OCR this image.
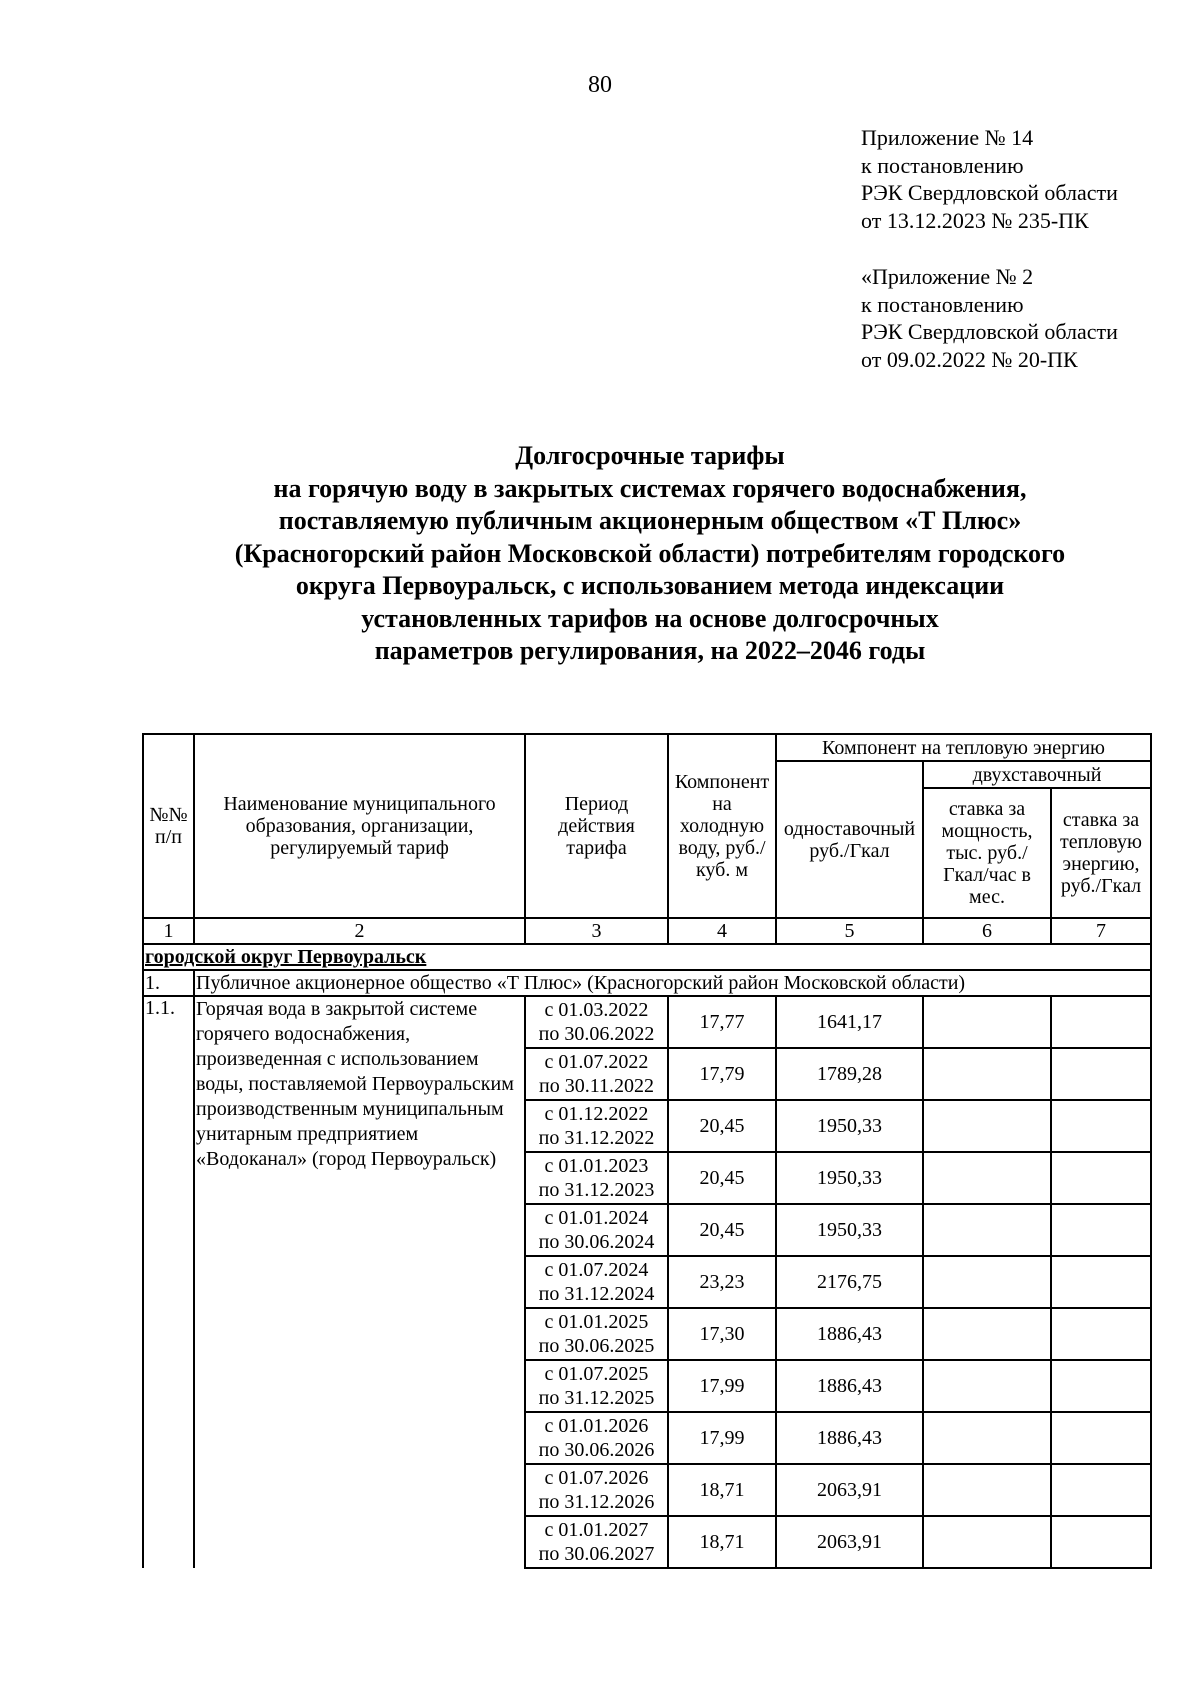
80
Приложение № 14
к постановлению
РЭК Свердловской области
от 13.12.2023 № 235-ПК
«Приложение № 2
к постановлению
РЭК Свердловской области
от 09.02.2022 № 20-ПК
Долгосрочные тарифы
на горячую воду в закрытых системах горячего водоснабжения,
поставляемую публичным акционерным обществом «Т Плюс»
(Красногорский район Московской области) потребителям городского
округа Первоуральск, с использованием метода индексации
установленных тарифов на основе долгосрочных
параметров регулирования, на 2022–2046 годы
№№ п/п	Наименование муниципального образования, организации, регулируемый тариф	Период действия тарифа	Компонент на холодную воду, руб./куб. м	Компонент на тепловую энергию		
				одноставочный руб./Гкал	двухставочный	
					ставка за мощность, тыс. руб./Гкал/час в мес.	ставка за тепловую энергию, руб./Гкал
1	2	3	4	5	6	7
городской округ Первоуральск						
1.	Публичное акционерное общество «Т Плюс» (Красногорский район Московской области)					
1.1.	Горячая вода в закрытой системе горячего водоснабжения, произведенная с использованием воды, поставляемой Первоуральским производственным муниципальным унитарным предприятием «Водоканал» (город Первоуральск)	с 01.03.2022
по 30.06.2022	17,77	1641,17		

		с 01.07.2022
по 30.11.2022	17,79	1789,28		

		с 01.12.2022
по 31.12.2022	20,45	1950,33		

		с 01.01.2023
по 31.12.2023	20,45	1950,33		

		с 01.01.2024
по 30.06.2024	20,45	1950,33		

		с 01.07.2024
по 31.12.2024	23,23	2176,75		

		с 01.01.2025
по 30.06.2025	17,30	1886,43		

		с 01.07.2025
по 31.12.2025	17,99	1886,43		

		с 01.01.2026
по 30.06.2026	17,99	1886,43		

		с 01.07.2026
по 31.12.2026	18,71	2063,91		

		с 01.01.2027
по 30.06.2027	18,71	2063,91		
